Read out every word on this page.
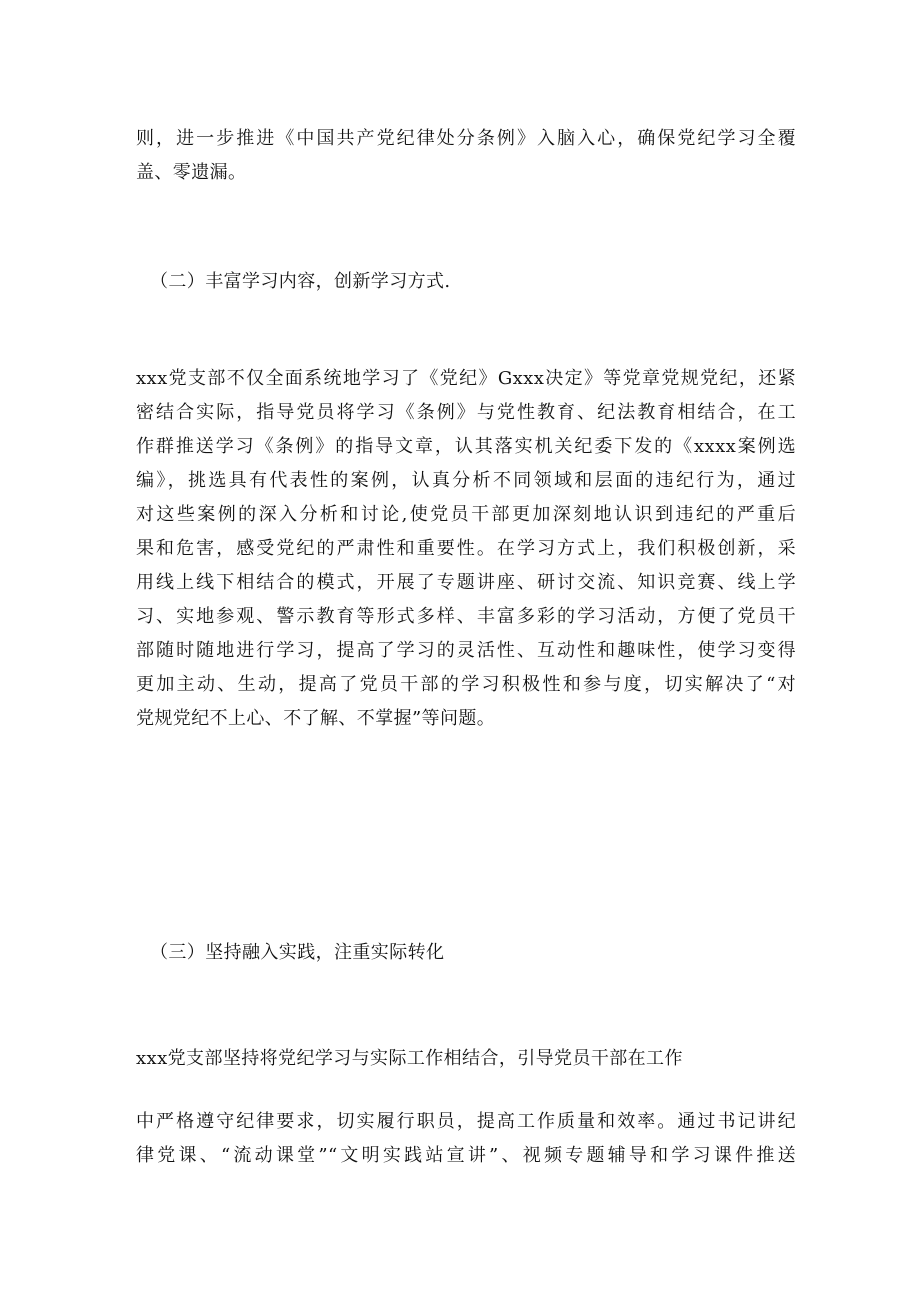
则，进一步推进《中国共产党纪律处分条例》入脑入心，确保党纪学习全覆
盖、零遗漏。
（二）丰富学习内容，创新学习方式.
xxx党支部不仅全面系统地学习了《党纪》Gxxx决定》等党章党规党纪，还紧
密结合实际，指导党员将学习《条例》与党性教育、纪法教育相结合，在工
作群推送学习《条例》的指导文章，认其落实机关纪委下发的《xxxx案例选
编》，挑选具有代表性的案例，认真分析不同领域和层面的违纪行为，通过
对这些案例的深入分析和讨论,使党员干部更加深刻地认识到违纪的严重后
果和危害，感受党纪的严肃性和重要性。在学习方式上，我们积极创新，采
用线上线下相结合的模式，开展了专题讲座、研讨交流、知识竞赛、线上学
习、实地参观、警示教育等形式多样、丰富多彩的学习活动，方便了党员干
部随时随地进行学习，提高了学习的灵活性、互动性和趣味性，使学习变得
更加主动、生动，提高了党员干部的学习积极性和参与度，切实解决了“对
党规党纪不上心、不了解、不掌握”等问题。
（三）坚持融入实践，注重实际转化
xxx党支部坚持将党纪学习与实际工作相结合，引导党员干部在工作
中严格遵守纪律要求，切实履行职员，提高工作质量和效率。通过书记讲纪
律党课、“流动课堂”“文明实践站宣讲”、视频专题辅导和学习课件推送
